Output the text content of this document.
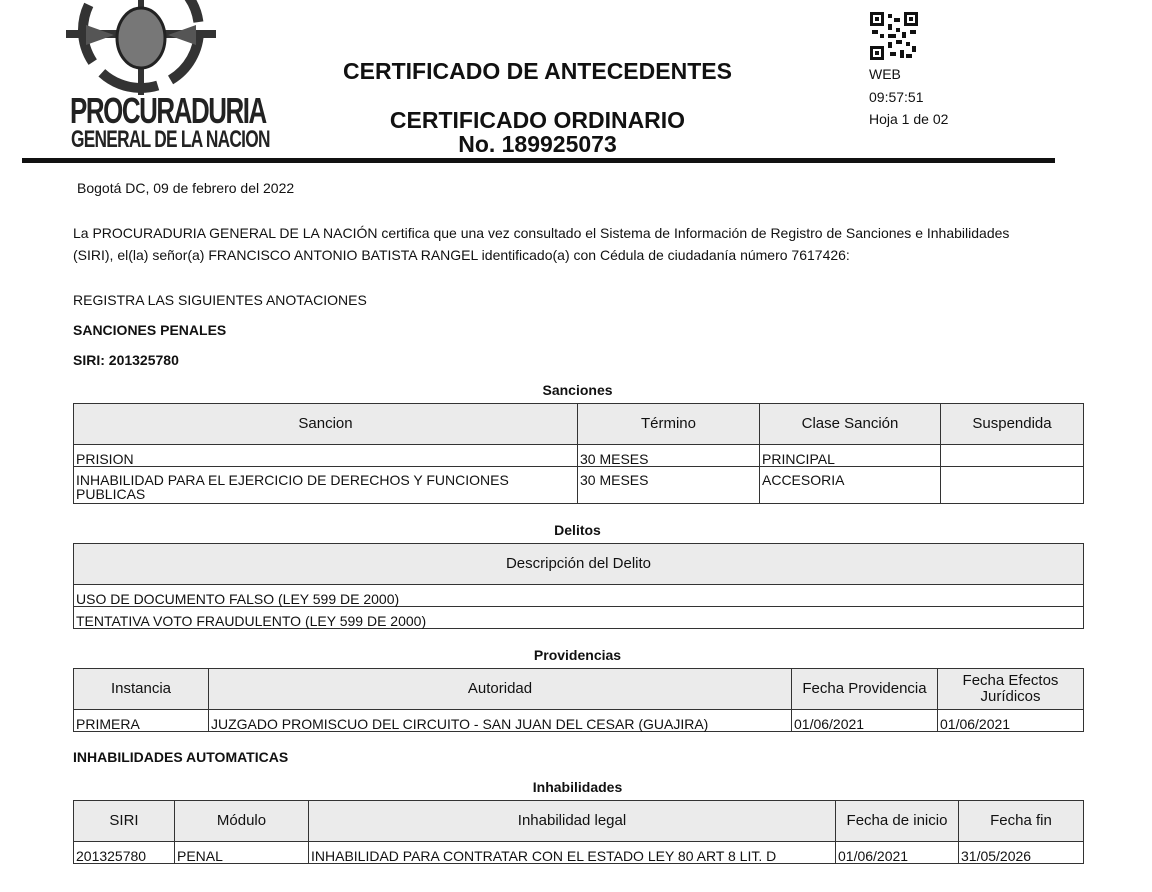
PROCURADURIA
GENERAL DE LA NACION
CERTIFICADO DE ANTECEDENTES
CERTIFICADO ORDINARIO
No. 189925073
WEB
09:57:51
Hoja 1 de 02
Bogotá DC, 09 de febrero del 2022
La PROCURADURIA GENERAL DE LA NACIÓN certifica que una vez consultado el Sistema de Información de Registro de Sanciones e Inhabilidades
(SIRI), el(la) señor(a) FRANCISCO ANTONIO BATISTA RANGEL identificado(a) con Cédula de ciudadanía número 7617426:
REGISTRA LAS SIGUIENTES ANOTACIONES
SANCIONES PENALES
SIRI: 201325780
Sanciones
Sancion	Término	Clase Sanción	Suspendida
PRISION	30 MESES	PRINCIPAL	
INHABILIDAD PARA EL EJERCICIO DE DERECHOS Y FUNCIONES PUBLICAS	30 MESES	ACCESORIA	
Delitos
Descripción del Delito
USO DE DOCUMENTO FALSO (LEY 599 DE 2000)
TENTATIVA VOTO FRAUDULENTO (LEY 599 DE 2000)
Providencias
Instancia	Autoridad	Fecha Providencia	Fecha Efectos Jurídicos
PRIMERA	JUZGADO PROMISCUO DEL CIRCUITO - SAN JUAN DEL CESAR (GUAJIRA)	01/06/2021	01/06/2021
INHABILIDADES AUTOMATICAS
Inhabilidades
SIRI	Módulo	Inhabilidad legal	Fecha de inicio	Fecha fin
201325780	PENAL	INHABILIDAD PARA CONTRATAR CON EL ESTADO LEY 80 ART 8 LIT. D	01/06/2021	31/05/2026
